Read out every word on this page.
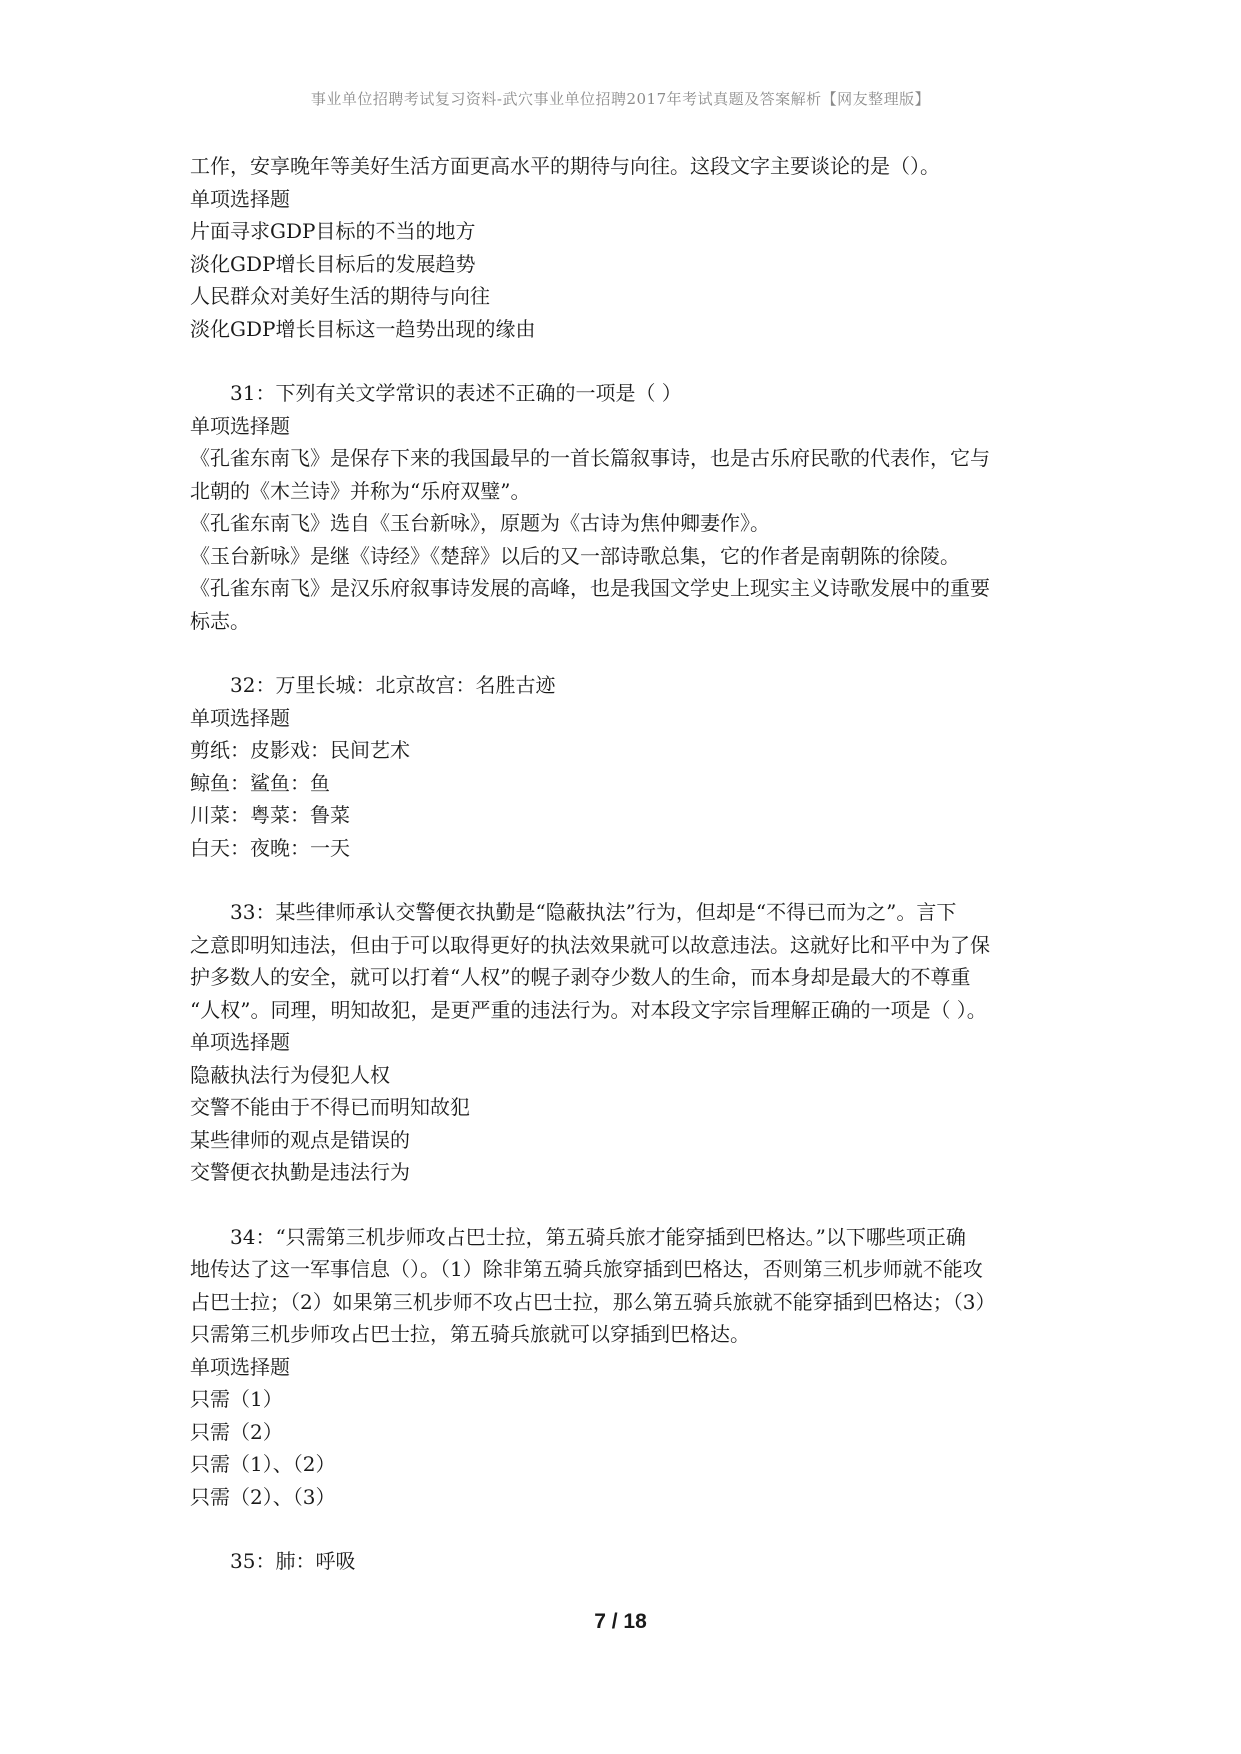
事业单位招聘考试复习资料-武穴事业单位招聘2017年考试真题及答案解析【网友整理版】
工作，安享晚年等美好生活方面更高水平的期待与向往。这段文字主要谈论的是（）。
单项选择题
片面寻求GDP目标的不当的地方
淡化GDP增长目标后的发展趋势
人民群众对美好生活的期待与向往
淡化GDP增长目标这一趋势出现的缘由
31：下列有关文学常识的表述不正确的一项是（ ）
单项选择题
《孔雀东南飞》是保存下来的我国最早的一首长篇叙事诗，也是古乐府民歌的代表作，它与
北朝的《木兰诗》并称为“乐府双璧”。
《孔雀东南飞》选自《玉台新咏》，原题为《古诗为焦仲卿妻作》。
《玉台新咏》是继《诗经》《楚辞》以后的又一部诗歌总集，它的作者是南朝陈的徐陵。
《孔雀东南飞》是汉乐府叙事诗发展的高峰，也是我国文学史上现实主义诗歌发展中的重要
标志。
32：万里长城：北京故宫：名胜古迹
单项选择题
剪纸：皮影戏：民间艺术
鲸鱼：鲨鱼：鱼
川菜：粤菜：鲁菜
白天：夜晚：一天
33：某些律师承认交警便衣执勤是“隐蔽执法”行为，但却是“不得已而为之”。言下
之意即明知违法，但由于可以取得更好的执法效果就可以故意违法。这就好比和平中为了保
护多数人的安全，就可以打着“人权”的幌子剥夺少数人的生命，而本身却是最大的不尊重
“人权”。同理，明知故犯，是更严重的违法行为。对本段文字宗旨理解正确的一项是（ ）。
单项选择题
隐蔽执法行为侵犯人权
交警不能由于不得已而明知故犯
某些律师的观点是错误的
交警便衣执勤是违法行为
34：“只需第三机步师攻占巴士拉，第五骑兵旅才能穿插到巴格达。”以下哪些项正确
地传达了这一军事信息（）。（1）除非第五骑兵旅穿插到巴格达，否则第三机步师就不能攻
占巴士拉；（2）如果第三机步师不攻占巴士拉，那么第五骑兵旅就不能穿插到巴格达；（3）
只需第三机步师攻占巴士拉，第五骑兵旅就可以穿插到巴格达。
单项选择题
只需（1）
只需（2）
只需（1）、（2）
只需（2）、（3）
35：肺：呼吸
7 / 18
